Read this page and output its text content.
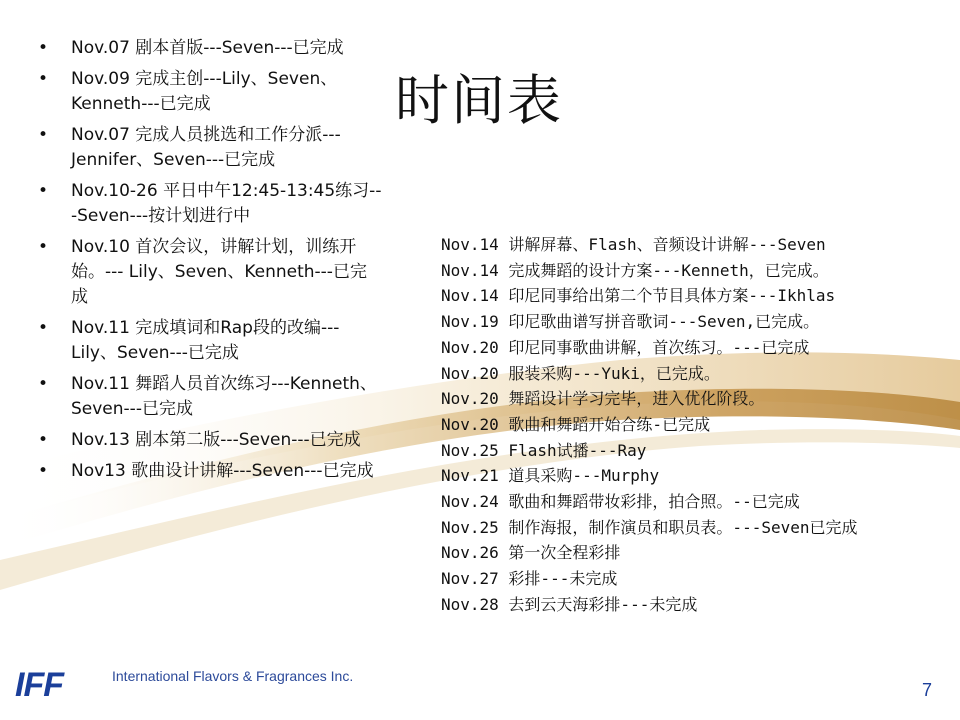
时间表
• Nov.07 剧本首版---Seven---已完成
• Nov.09 完成主创---Lily、Seven、Kenneth---已完成
• Nov.07 完成人员挑选和工作分派---Jennifer、Seven---已完成
• Nov.10-26 平日中午12:45-13:45练习---Seven---按计划进行中
• Nov.10 首次会议，讲解计划，训练开始。--- Lily、Seven、Kenneth---已完成
• Nov.11 完成填词和Rap段的改编--- Lily、Seven---已完成
• Nov.11 舞蹈人员首次练习---Kenneth、Seven---已完成
• Nov.13 剧本第二版---Seven---已完成
• Nov13 歌曲设计讲解---Seven---已完成
Nov.14 讲解屏幕、Flash、音频设计讲解---Seven
Nov.14 完成舞蹈的设计方案---Kenneth，已完成。
Nov.14 印尼同事给出第二个节目具体方案---Ikhlas
Nov.19 印尼歌曲谱写拼音歌词---Seven,已完成。
Nov.20 印尼同事歌曲讲解，首次练习。---已完成
Nov.20 服装采购---Yuki，已完成。
Nov.20 舞蹈设计学习完毕，进入优化阶段。
Nov.20 歌曲和舞蹈开始合练-已完成
Nov.25 Flash试播---Ray
Nov.21 道具采购---Murphy
Nov.24 歌曲和舞蹈带妆彩排，拍合照。--已完成
Nov.25 制作海报，制作演员和职员表。---Seven已完成
Nov.26 第一次全程彩排
Nov.27 彩排---未完成
Nov.28 去到云天海彩排---未完成
IFF	International Flavors & Fragrances Inc.
7
